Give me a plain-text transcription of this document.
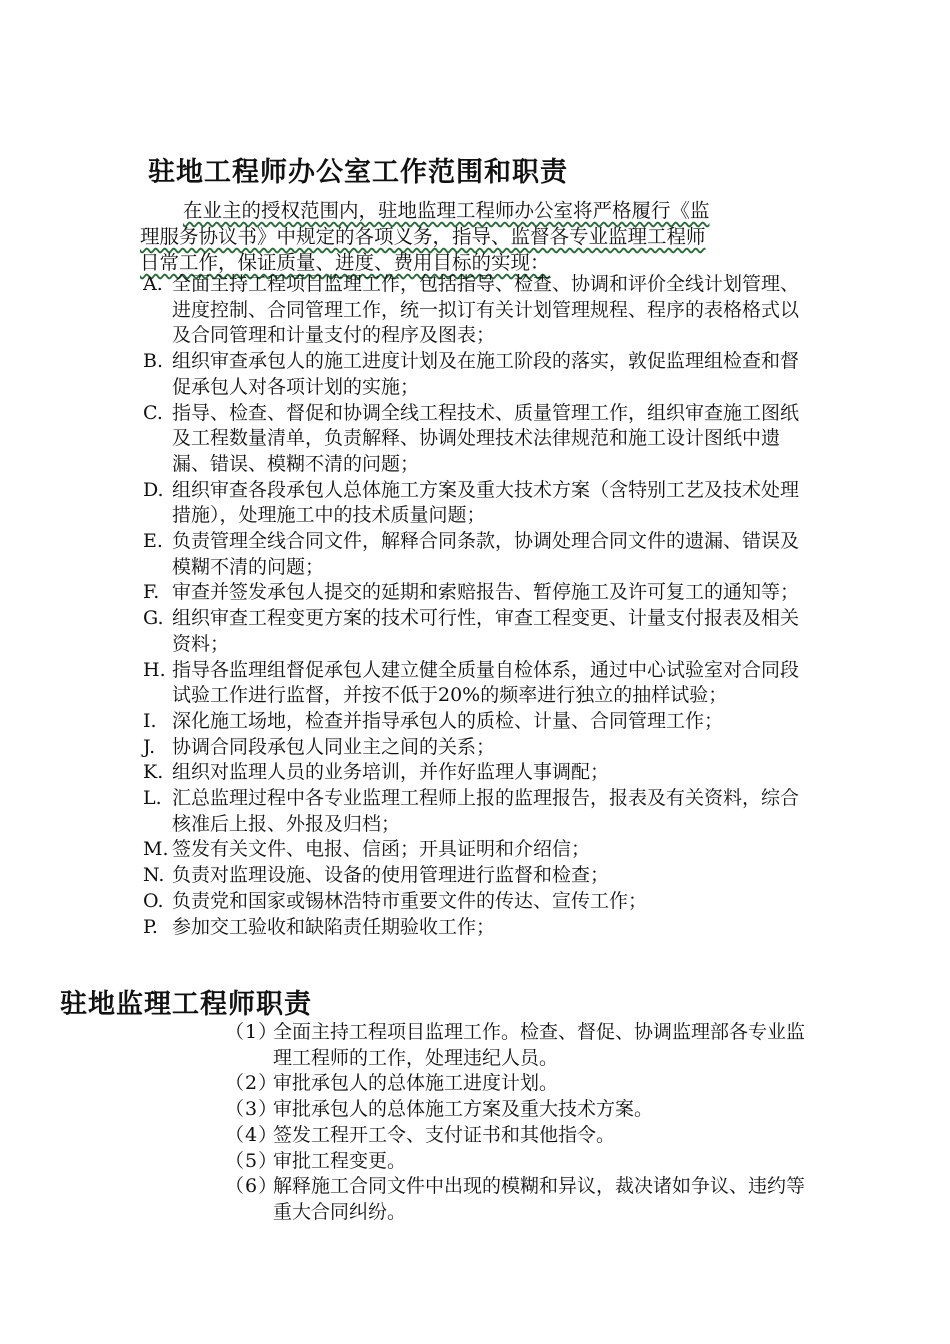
驻地工程师办公室工作范围和职责
在业主的授权范围内，驻地监理工程师办公室将严格履行《监
理服务协议书》中规定的各项义务，指导、监督各专业监理工程师
日常工作，保证质量、进度、费用目标的实现：
A. 全面主持工程项目监理工作，包括指导、检查、协调和评价全线计划管理、进度控制、合同管理工作，统一拟订有关计划管理规程、程序的表格格式以及合同管理和计量支付的程序及图表；
B. 组织审查承包人的施工进度计划及在施工阶段的落实，敦促监理组检查和督促承包人对各项计划的实施；
C. 指导、检查、督促和协调全线工程技术、质量管理工作，组织审查施工图纸及工程数量清单，负责解释、协调处理技术法律规范和施工设计图纸中遗漏、错误、模糊不清的问题；
D. 组织审查各段承包人总体施工方案及重大技术方案（含特别工艺及技术处理措施），处理施工中的技术质量问题；
E. 负责管理全线合同文件，解释合同条款，协调处理合同文件的遗漏、错误及模糊不清的问题；
F. 审查并签发承包人提交的延期和索赔报告、暂停施工及许可复工的通知等；
G. 组织审查工程变更方案的技术可行性，审查工程变更、计量支付报表及相关资料；
H. 指导各监理组督促承包人建立健全质量自检体系，通过中心试验室对合同段试验工作进行监督，并按不低于20%的频率进行独立的抽样试验；
I. 深化施工场地，检查并指导承包人的质检、计量、合同管理工作；
J. 协调合同段承包人同业主之间的关系；
K. 组织对监理人员的业务培训，并作好监理人事调配；
L. 汇总监理过程中各专业监理工程师上报的监理报告，报表及有关资料，综合核准后上报、外报及归档；
M. 签发有关文件、电报、信函；开具证明和介绍信；
N. 负责对监理设施、设备的使用管理进行监督和检查；
O. 负责党和国家或锡林浩特市重要文件的传达、宣传工作；
P. 参加交工验收和缺陷责任期验收工作；
驻地监理工程师职责
（1）
全面主持工程项目监理工作。检查、督促、协调监理部各专业监理工程师的工作，处理违纪人员。
（2）
审批承包人的总体施工进度计划。
（3）
审批承包人的总体施工方案及重大技术方案。
（4）
签发工程开工令、支付证书和其他指令。
（5）
审批工程变更。
（6）
解释施工合同文件中出现的模糊和异议，裁决诸如争议、违约等重大合同纠纷。
